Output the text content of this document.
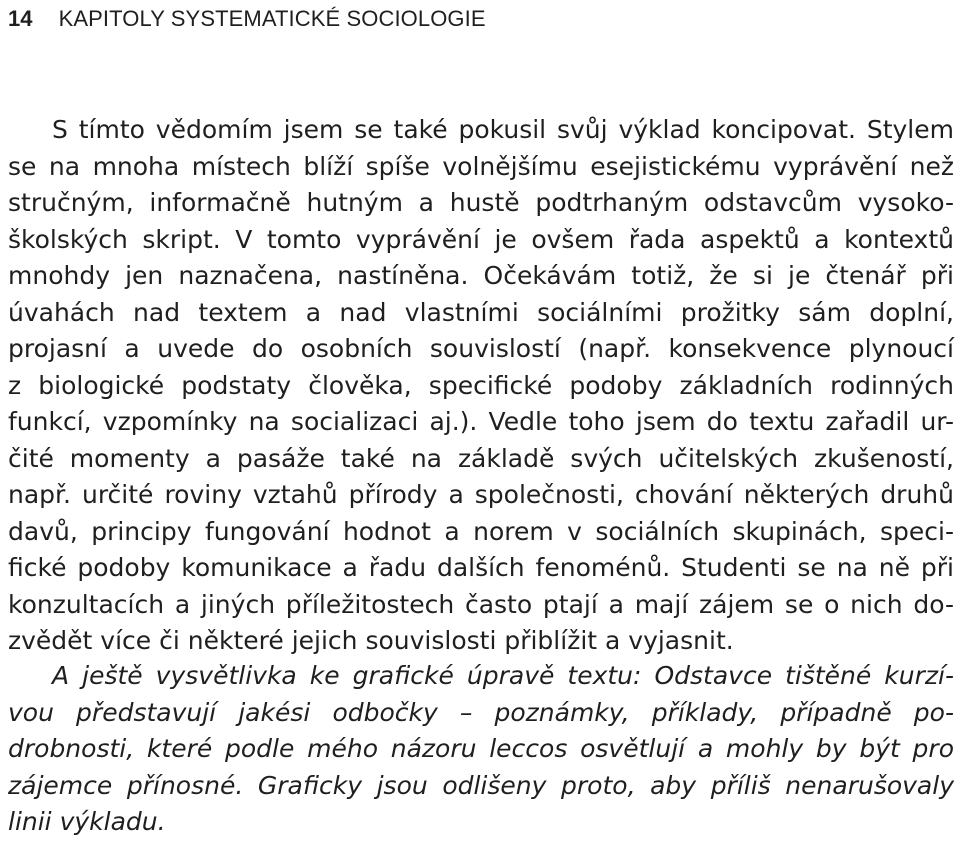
14 KAPITOLY SYSTEMATICKÉ SOCIOLOGIE
S tímto vědomím jsem se také pokusil svůj výklad koncipovat. Stylem
se na mnoha místech blíží spíše volnějšímu esejistickému vyprávění než
stručným, informačně hutným a hustě podtrhaným odstavcům vysoko-
školských skript. V tomto vyprávění je ovšem řada aspektů a kontextů
mnohdy jen naznačena, nastíněna. Očekávám totiž, že si je čtenář při
úvahách nad textem a nad vlastními sociálními prožitky sám doplní,
projasní a uvede do osobních souvislostí (např. konsekvence plynoucí
z biologické podstaty člověka, specifické podoby základních rodinných
funkcí, vzpomínky na socializaci aj.). Vedle toho jsem do textu zařadil ur-
čité momenty a pasáže také na základě svých učitelských zkušeností,
např. určité roviny vztahů přírody a společnosti, chování některých druhů
davů, principy fungování hodnot a norem v sociálních skupinách, speci-
fické podoby komunikace a řadu dalších fenoménů. Studenti se na ně při
konzultacích a jiných příležitostech často ptají a mají zájem se o nich do-
zvědět více či některé jejich souvislosti přiblížit a vyjasnit.
A ještě vysvětlivka ke grafické úpravě textu: Odstavce tištěné kurzí-
vou představují jakési odbočky – poznámky, příklady, případně po-
drobnosti, které podle mého názoru leccos osvětlují a mohly by být pro
zájemce přínosné. Graficky jsou odlišeny proto, aby příliš nenarušovaly
linii výkladu.
